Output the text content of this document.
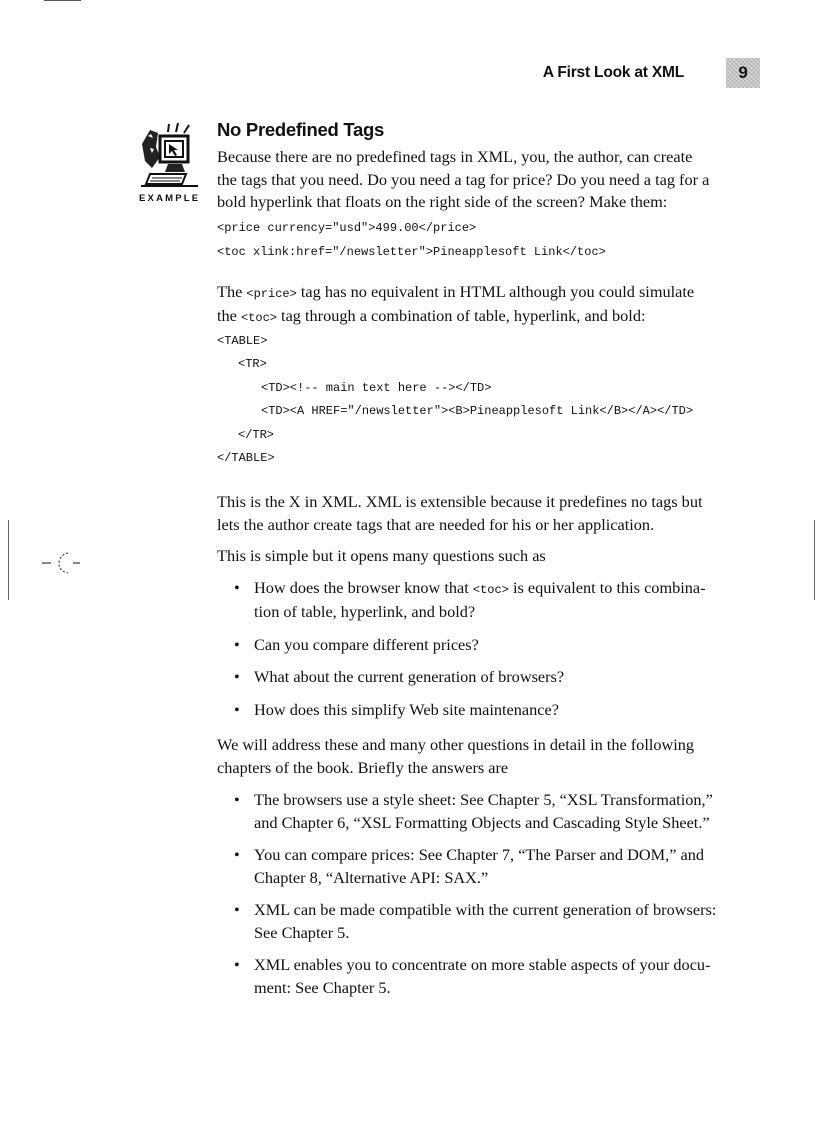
A First Look at XML	9
EXAMPLE
No Predefined Tags

Because there are no predefined tags in XML, you, the author, can create
the tags that you need. Do you need a tag for price? Do you need a tag for a
bold hyperlink that floats on the right side of the screen? Make them:

<price currency="usd">499.00</price>
<toc xlink:href="/newsletter">Pineapplesoft Link</toc>

The <price> tag has no equivalent in HTML although you could simulate
the <toc> tag through a combination of table, hyperlink, and bold:

<TABLE>
<TR>
<TD><!-- main text here --></TD>
<TD><A HREF="/newsletter"><B>Pineapplesoft Link</B></A></TD>
</TR>
</TABLE>

This is the X in XML. XML is extensible because it predefines no tags but
lets the author create tags that are needed for his or her application.

This is simple but it opens many questions such as

• How does the browser know that <toc> is equivalent to this combina-
tion of table, hyperlink, and bold?
• Can you compare different prices?
• What about the current generation of browsers?
• How does this simplify Web site maintenance?

We will address these and many other questions in detail in the following
chapters of the book. Briefly the answers are

• The browsers use a style sheet: See Chapter 5, “XSL Transformation,”
and Chapter 6, “XSL Formatting Objects and Cascading Style Sheet.”
• You can compare prices: See Chapter 7, “The Parser and DOM,” and
Chapter 8, “Alternative API: SAX.”
• XML can be made compatible with the current generation of browsers:
See Chapter 5.
• XML enables you to concentrate on more stable aspects of your docu-
ment: See Chapter 5.
